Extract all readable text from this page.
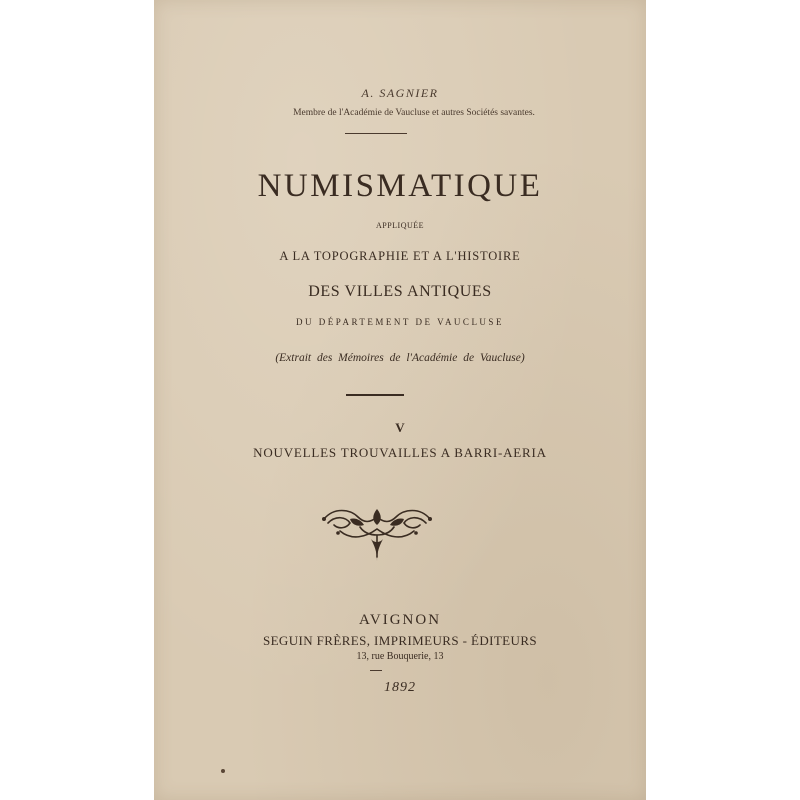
A. SAGNIER
Membre de l'Académie de Vaucluse et autres Sociétés savantes.
NUMISMATIQUE
APPLIQUÉE
A LA TOPOGRAPHIE ET A L'HISTOIRE
DES VILLES ANTIQUES
DU DÉPARTEMENT DE VAUCLUSE
(Extrait des Mémoires de l'Académie de Vaucluse)
V
NOUVELLES TROUVAILLES A BARRI-AERIA
AVIGNON
SEGUIN FRÈRES, IMPRIMEURS - ÉDITEURS
13, rue Bouquerie, 13
1892
